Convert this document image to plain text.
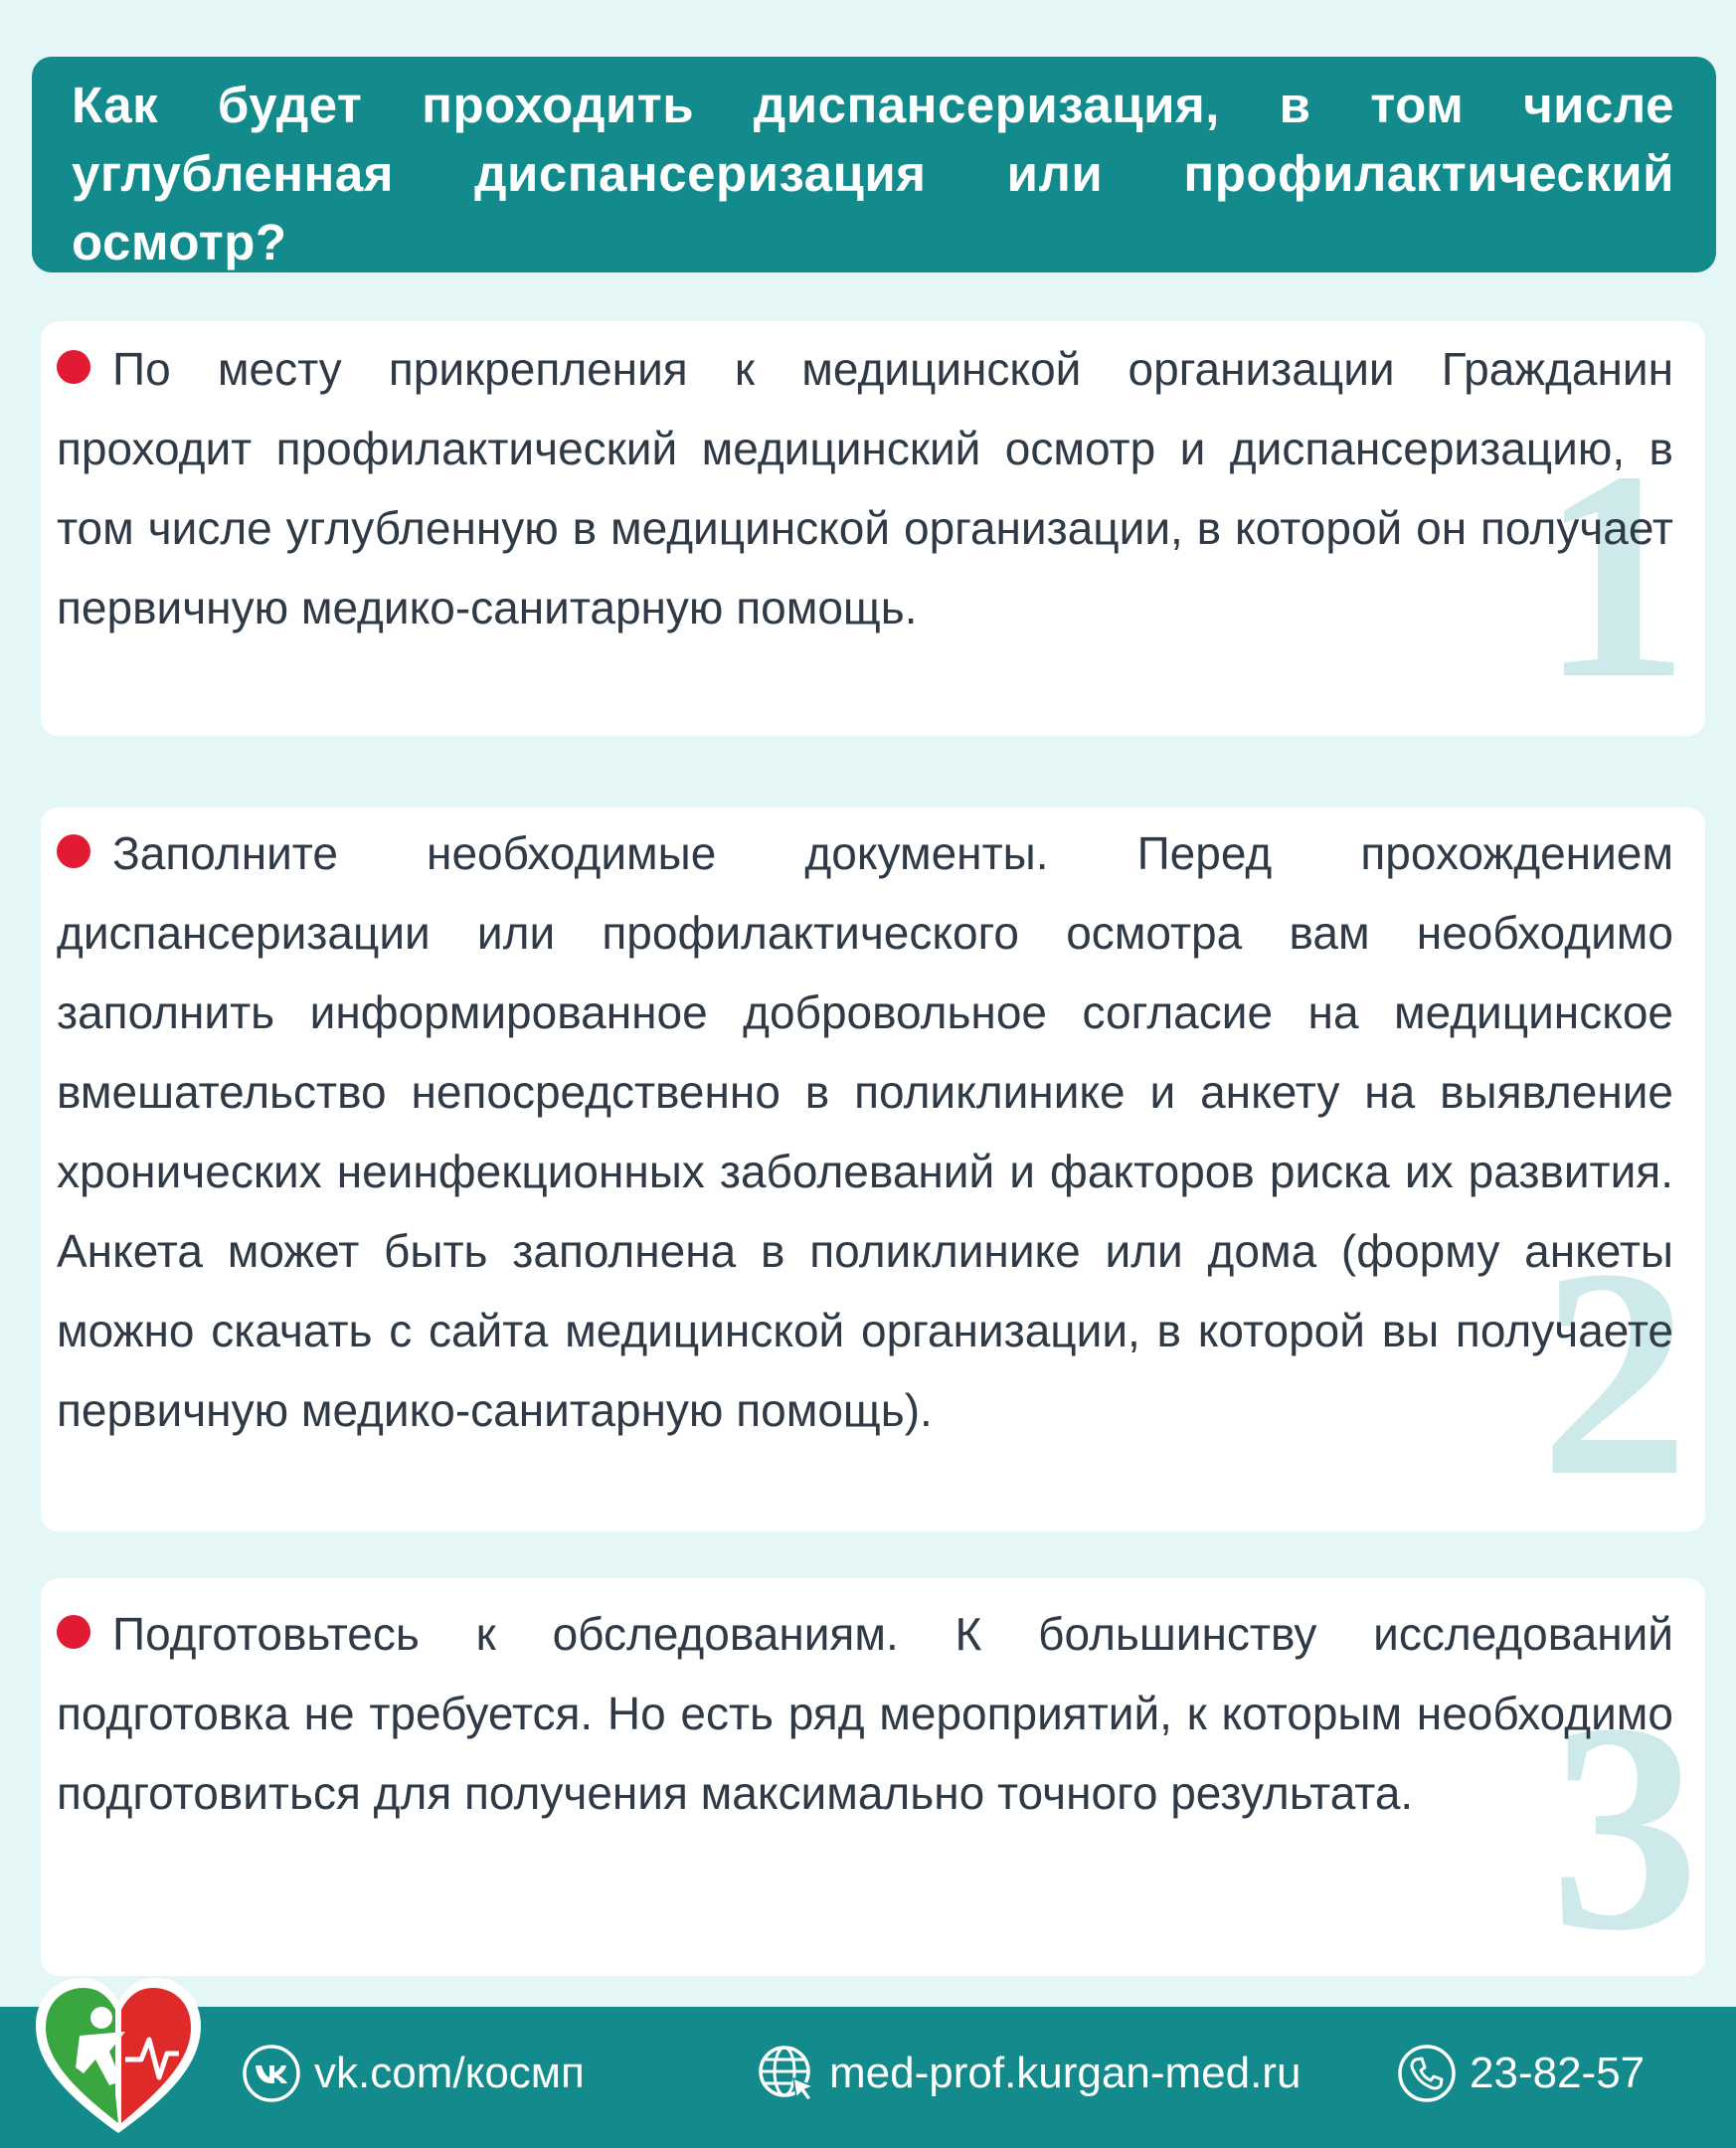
Как будет проходить диспансеризация, в том числе углубленная диспансеризация или профилактический осмотр?

1

По месту прикрепления к медицинской организации Гражданин проходит профилактический медицинский осмотр и диспансеризацию, в том числе углубленную в медицинской организации, в которой он получает первичную медико-санитарную помощь.

2

Заполните необходимые документы. Перед прохождением диспансеризации или профилактического осмотра вам необходимо заполнить информированное добровольное согласие на медицинское вмешательство непосредственно в поликлинике и анкету на выявление хронических неинфекционных заболеваний и факторов риска их развития. Анкета может быть заполнена в поликлинике или дома (форму анкеты можно скачать с сайта медицинской организации, в которой вы получаете первичную медико-санитарную помощь).

3

Подготовьтесь к обследованиям. К большинству исследований подготовка не требуется. Но есть ряд мероприятий, к которым необходимо подготовиться для получения максимально точного результата.

vk.com/космп	med-prof.kurgan-med.ru	23-82-57
